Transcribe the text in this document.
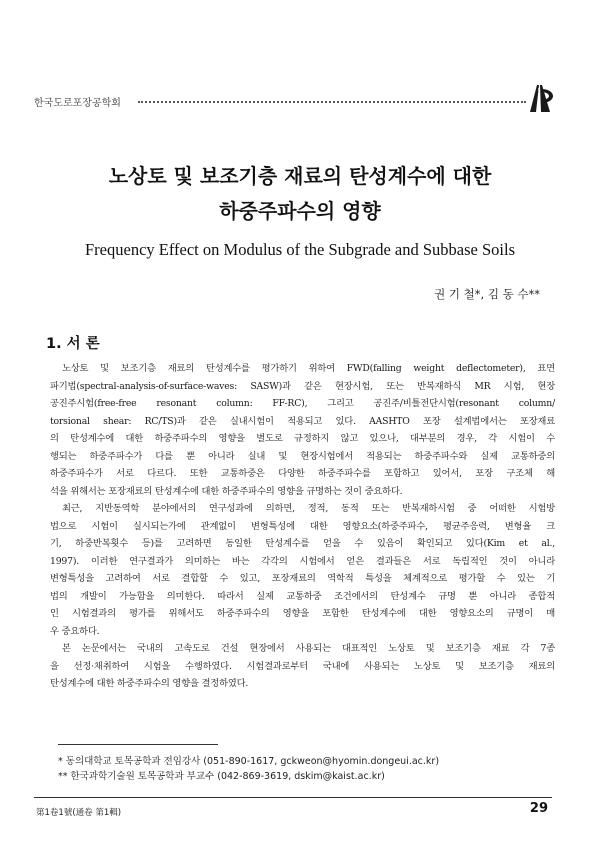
한국도로포장공학회
노상토 및 보조기층 재료의 탄성계수에 대한
하중주파수의 영향
Frequency Effect on Modulus of the Subgrade and Subbase Soils
권 기 철*, 김 동 수**
1. 서 론

노상토 및 보조기층 재료의 탄성계수를 평가하기 위하여 FWD(falling weight deflectometer), 표면

파기법(spectral-analysis-of-surface-waves: SASW)과 같은 현장시험, 또는 반복재하식 MR 시험, 현장

공진주시험(free-free resonant column: FF-RC), 그리고 공진주/비틀전단시험(resonant column/

torsional shear: RC/TS)과 같은 실내시험이 적용되고 있다. AASHTO 포장 설계법에서는 포장재료

의 탄성계수에 대한 하중주파수의 영향을 별도로 규정하지 않고 있으나, 대부분의 경우, 각 시험이 수

행되는 하중주파수가 다를 뿐 아니라 실내 및 현장시험에서 적용되는 하중주파수와 실제 교통하중의

하중주파수가 서로 다르다. 또한 교통하중은 다양한 하중주파수를 포함하고 있어서, 포장 구조체 해

석을 위해서는 포장재료의 탄성계수에 대한 하중주파수의 영향을 규명하는 것이 중요하다.

최근, 지반동역학 분야에서의 연구성과에 의하면, 정적, 동적 또는 반복재하시험 중 어떠한 시험방

법으로 시험이 실시되는가에 관계없이 변형특성에 대한 영향요소(하중주파수, 평균주응력, 변형율 크

기, 하중반복횟수 등)를 고려하면 동일한 탄성계수를 얻을 수 있음이 확인되고 있다(Kim et al.,

1997). 이러한 연구결과가 의미하는 바는 각각의 시험에서 얻은 결과들은 서로 독립적인 것이 아니라

변형특성을 고려하여 서로 결합할 수 있고, 포장재료의 역학적 특성을 체계적으로 평가할 수 있는 기

법의 개발이 가능함을 의미한다. 따라서 실제 교통하중 조건에서의 탄성계수 규명 뿐 아니라 종합적

인 시험결과의 평가를 위해서도 하중주파수의 영향을 포함한 탄성계수에 대한 영향요소의 규명이 매

우 중요하다.

본 논문에서는 국내의 고속도로 건설 현장에서 사용되는 대표적인 노상토 및 보조기층 재료 각 7종

을 선정·채취하여 시험을 수행하였다. 시험결과로부터 국내에 사용되는 노상토 및 보조기층 재료의

탄성계수에 대한 하중주파수의 영향을 결정하였다.

* 동의대학교 토목공학과 전임강사 (051-890-1617, gckweon@hyomin.dongeui.ac.kr)
** 한국과학기술원 토목공학과 부교수 (042-869-3619, dskim@kaist.ac.kr)
第1卷1號(通卷 第1輯)	29
